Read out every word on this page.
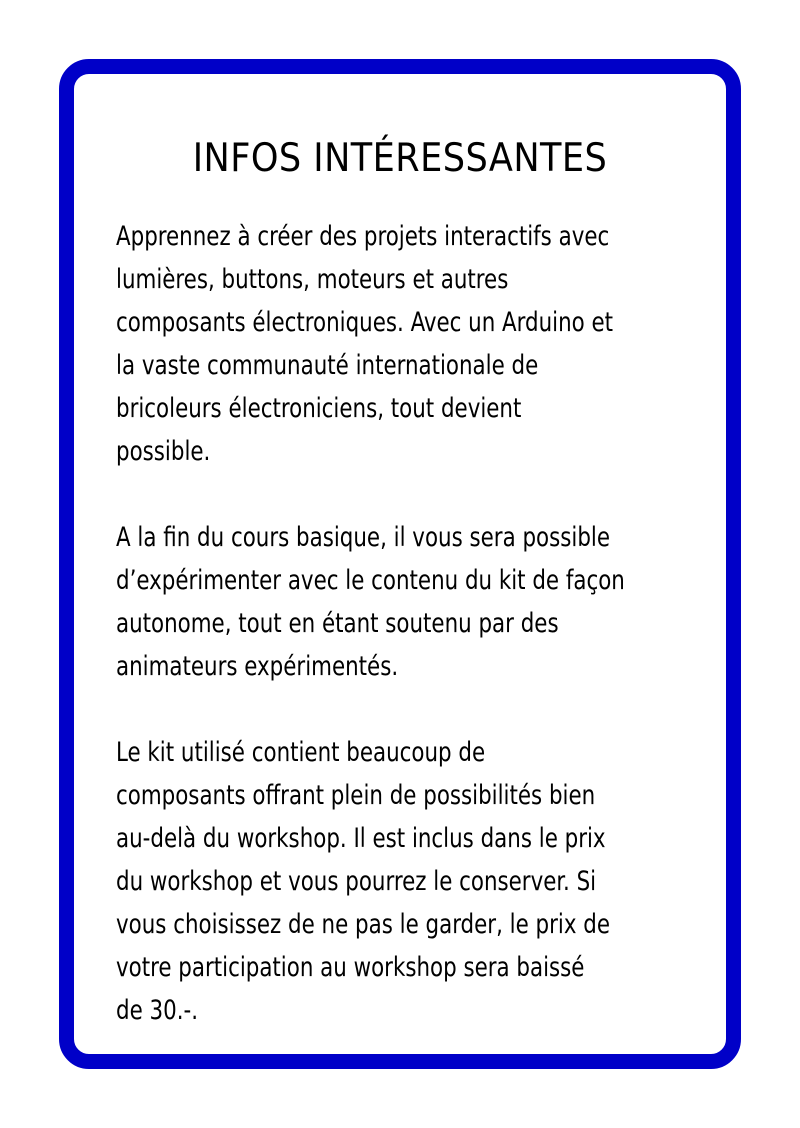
INFOS INTÉRESSANTES

Apprennez à créer des projets interactifs avec
lumières, buttons, moteurs et autres
composants électroniques. Avec un Arduino et
la vaste communauté internationale de
bricoleurs électroniciens, tout devient
possible.

A la fin du cours basique, il vous sera possible
d’expérimenter avec le contenu du kit de façon
autonome, tout en étant soutenu par des
animateurs expérimentés.

Le kit utilisé contient beaucoup de
composants offrant plein de possibilités bien
au-delà du workshop. Il est inclus dans le prix
du workshop et vous pourrez le conserver. Si
vous choisissez de ne pas le garder, le prix de
votre participation au workshop sera baissé
de 30.-.
